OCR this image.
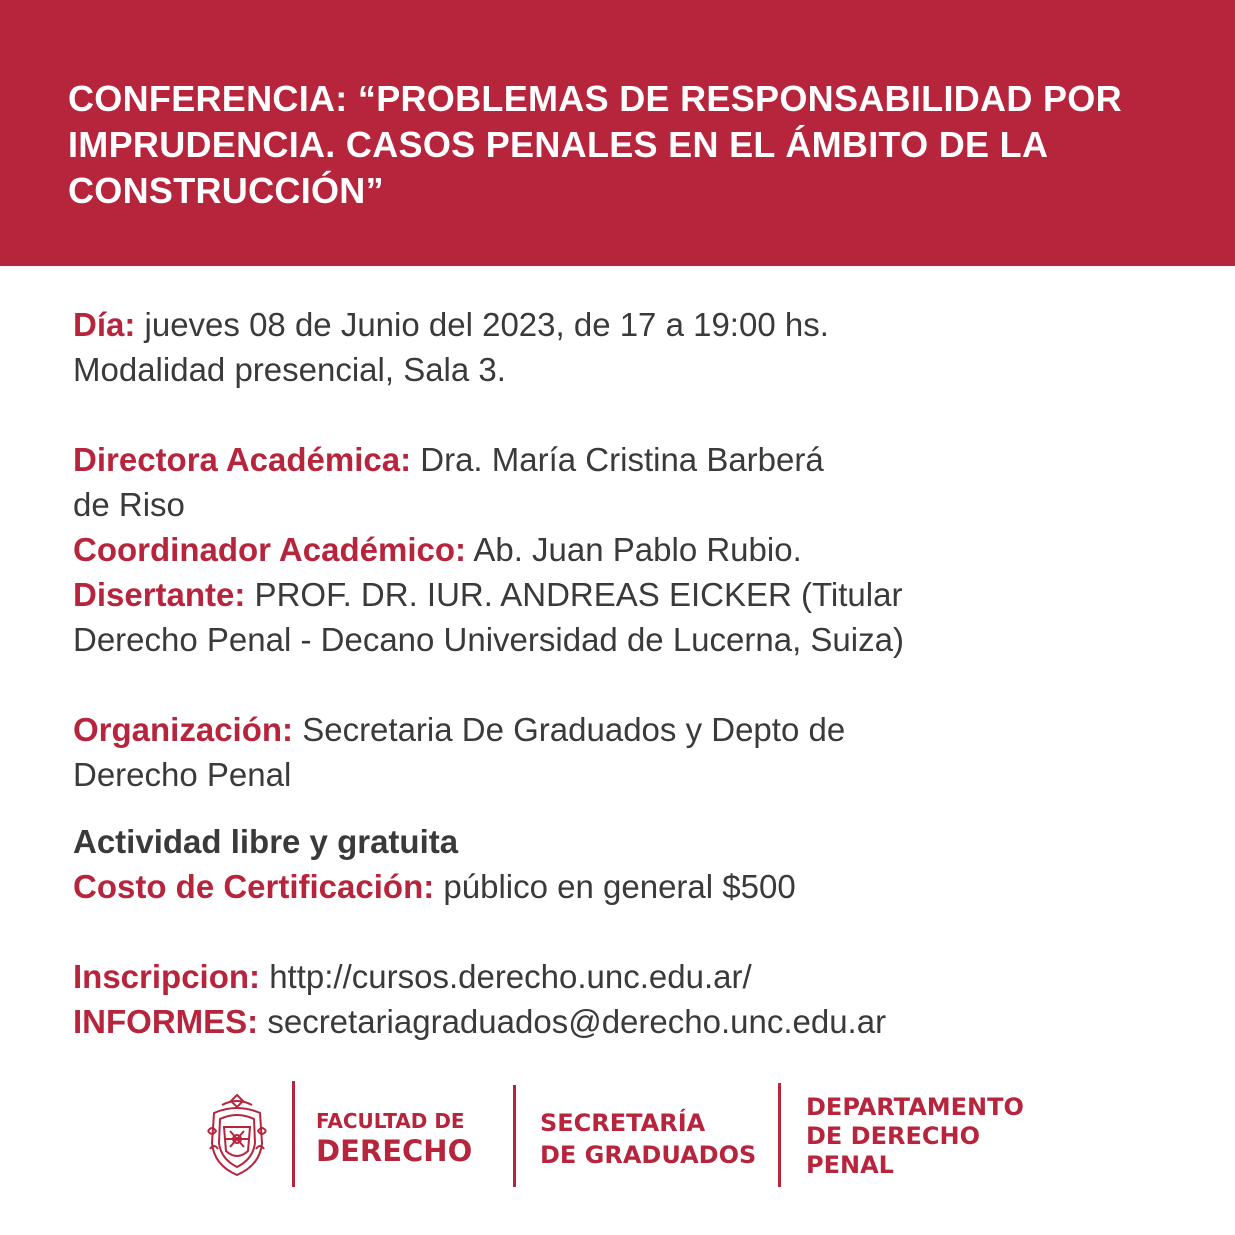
CONFERENCIA: “PROBLEMAS DE RESPONSABILIDAD POR IMPRUDENCIA. CASOS PENALES EN EL ÁMBITO DE LA CONSTRUCCIÓN”

Día: jueves 08 de Junio del 2023, de 17 a 19:00 hs.

Modalidad presencial, Sala 3.

Directora Académica: Dra. María Cristina Barberá

de Riso

Coordinador Académico: Ab. Juan Pablo Rubio.

Disertante: PROF. DR. IUR. ANDREAS EICKER (Titular

Derecho Penal - Decano Universidad de Lucerna, Suiza)

Organización: Secretaria De Graduados y Depto de

Derecho Penal

Actividad libre y gratuita

Costo de Certificación: público en general $500

Inscripcion: http://cursos.derecho.unc.edu.ar/

INFORMES: secretariagraduados@derecho.unc.edu.ar

FACULTAD DE

DERECHO

SECRETARÍA
DE GRADUADOS

DEPARTAMENTO
DE DERECHO
PENAL
